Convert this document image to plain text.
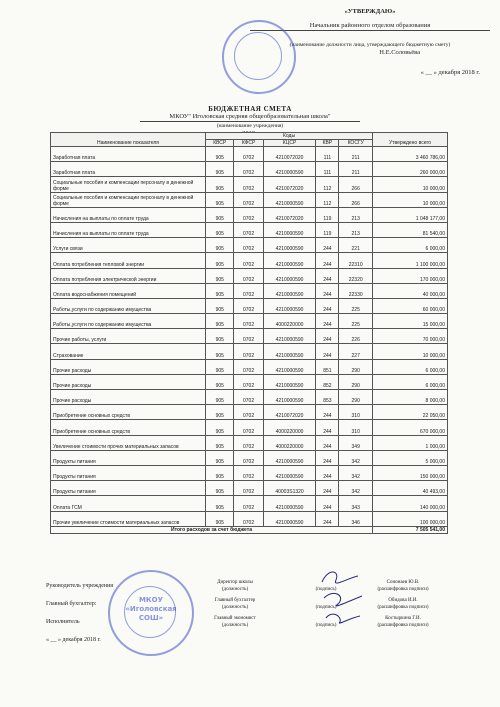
«УТВЕРЖДАЮ»
Начальник районного отделом образования
(наименование должности лица, утверждающего бюджетную смету)
Н.Е.Соловьёва
« __ » декабря 2018 г.
БЮДЖЕТНАЯ СМЕТА
МКОУ" Иголовская средняя общеобразовательная школа"
(наименование учреждения)
Наименование показателя	Коды					Утверждено всего
	КВСР	КФСР	КЦСР	КВР	КОСГУ	
Заработная плата	905	0702	4210072020	111	211	3 460 786,00
Заработная плата	905	0702	4210000590	111	211	260 000,00
Социальные пособия и компенсации персоналу в денежной форме	905	0702	4210072020	112	266	10 000,00
Социальные пособия и компенсации персоналу в денежной форме	905	0702	4210000590	112	266	10 000,00
Начисления на выплаты по оплате труда	905	0702	4210072020	119	213	1 048 177,00
Начисления на выплаты по оплате труда	905	0702	4210000590	119	213	81 540,00
Услуги связи	905	0702	4210000590	244	221	6 000,00
Оплата потребления тепловой энергии	905	0702	4210000590	244	22310	1 100 000,00
Оплата потребления электрической энергии	905	0702	4210000590	244	22320	170 000,00
Оплата водоснабжения помещений	905	0702	4210000590	244	22330	40 000,00
Работы,услуги по содержанию имущества	905	0702	4210000590	244	225	60 000,00
Работы,услуги по содержанию имущества	905	0702	4000220000	244	225	15 000,00
Прочие работы, услуги	905	0702	4210000590	244	226	70 000,00
Страхование	905	0702	4210000590	244	227	10 000,00
Прочие расходы	905	0702	4210000590	851	290	6 000,00
Прочие расходы	905	0702	4210000590	852	290	6 000,00
Прочие расходы	905	0702	4210000590	853	290	8 000,00
Приобретение основных средств	905	0702	4210072020	244	310	22 050,00
Приобретение основных средств	905	0702	4000220000	244	310	670 000,00
Увеличение стоимости прочих материальных запасов	905	0702	4000220000	244	349	1 000,00
Продукты питания	905	0702	4210000590	244	342	5 000,00
Продукты питания	905	0702	4210000590	244	342	150 000,00
Продукты питания	905	0702	40003S1320	244	342	40 493,00
Оплата ГСМ	905	0702	4210000590	244	343	140 000,00
Прочие увеличение стоимости материальных запасов	905	0702	4210000590	244	346	100 000,00
Итого расходов за счет бюджета						7 505 541,00
Руководитель учреждения
Директор школы
(должность)	(подпись)
Сононаев Ю.В.
(расшифровка подписи)
Главный бухгалтер:
Главный бухгалтер
(должность)	(подпись)
Обидова И.И.
(расшифровка подписи)
Исполнитель
Главный экономист
(должность)	(подпись)
Костыркина Г.И.
(расшифровка подписи)
« __ » декабря 2018 г.
МКОУ
«Иголовская
СОШ»
